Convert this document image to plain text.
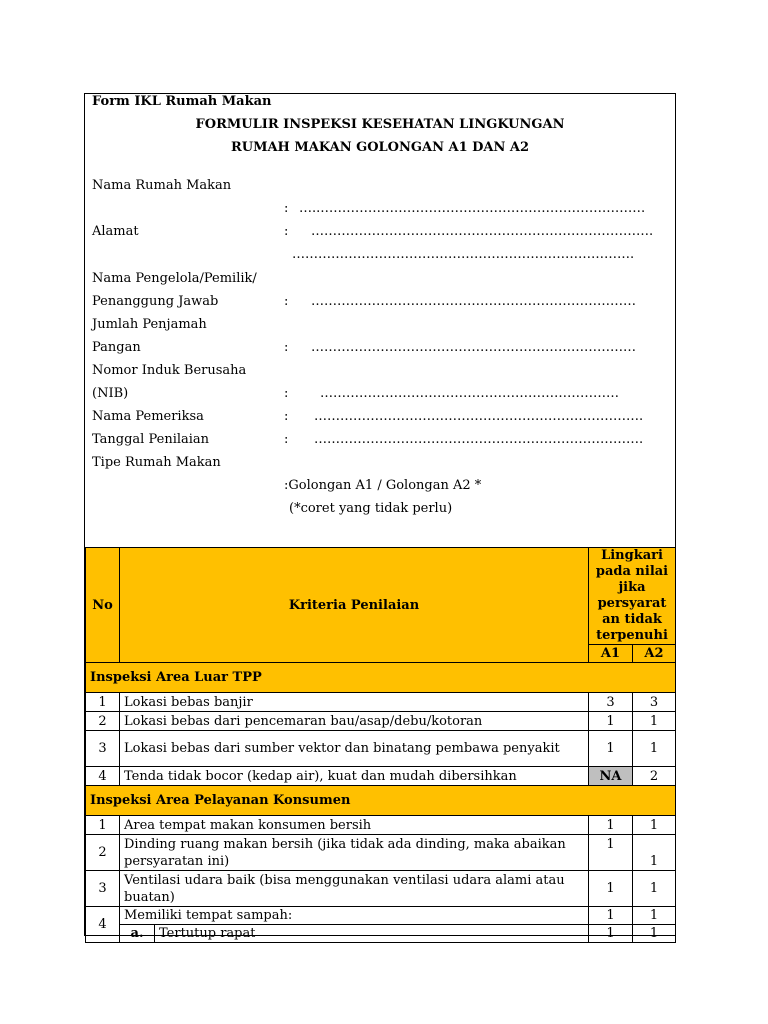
Form IKL Rumah Makan
FORMULIR INSPEKSI KESEHATAN LINGKUNGAN
RUMAH MAKAN GOLONGAN A1 DAN A2
Nama Rumah Makan
: …..…………………………………………………………………
Alamat	: …………………………………………………………………….
…………………………………………………………………….
Nama Pengelola/Pemilik/
Penanggung Jawab	: …………………………………………………………………
Jumlah Penjamah
Pangan	: …………………………………………………………………
Nomor Induk Berusaha
(NIB)	: ……………………………………………………………
Nama Pemeriksa	: ………………………………………………………………….
Tanggal Penilaian	: ………………………………………………………………….
Tipe Rumah Makan
:Golongan A1 / Golongan A2 *
(*coret yang tidak perlu)
No	Kriteria Penilaian		Lingkari pada nilai jika persyarat an tidak terpenuhi	
			A1	A2
Inspeksi Area Luar TPP				
1	Lokasi bebas banjir		3	3
2	Lokasi bebas dari pencemaran bau/asap/debu/kotoran		1	1
3	Lokasi bebas dari sumber vektor dan binatang pembawa penyakit		1	1
4	Tenda tidak bocor (kedap air), kuat dan mudah dibersihkan		NA	2
Inspeksi Area Pelayanan Konsumen				
1	Area tempat makan konsumen bersih		1	1
2	Dinding ruang makan bersih (jika tidak ada dinding, maka abaikan persyaratan ini)		1	1
3	Ventilasi udara baik (bisa menggunakan ventilasi udara alami atau buatan)		1	1
4	Memiliki tempat sampah:		1	1
	a.	Tertutup rapat	1	1
